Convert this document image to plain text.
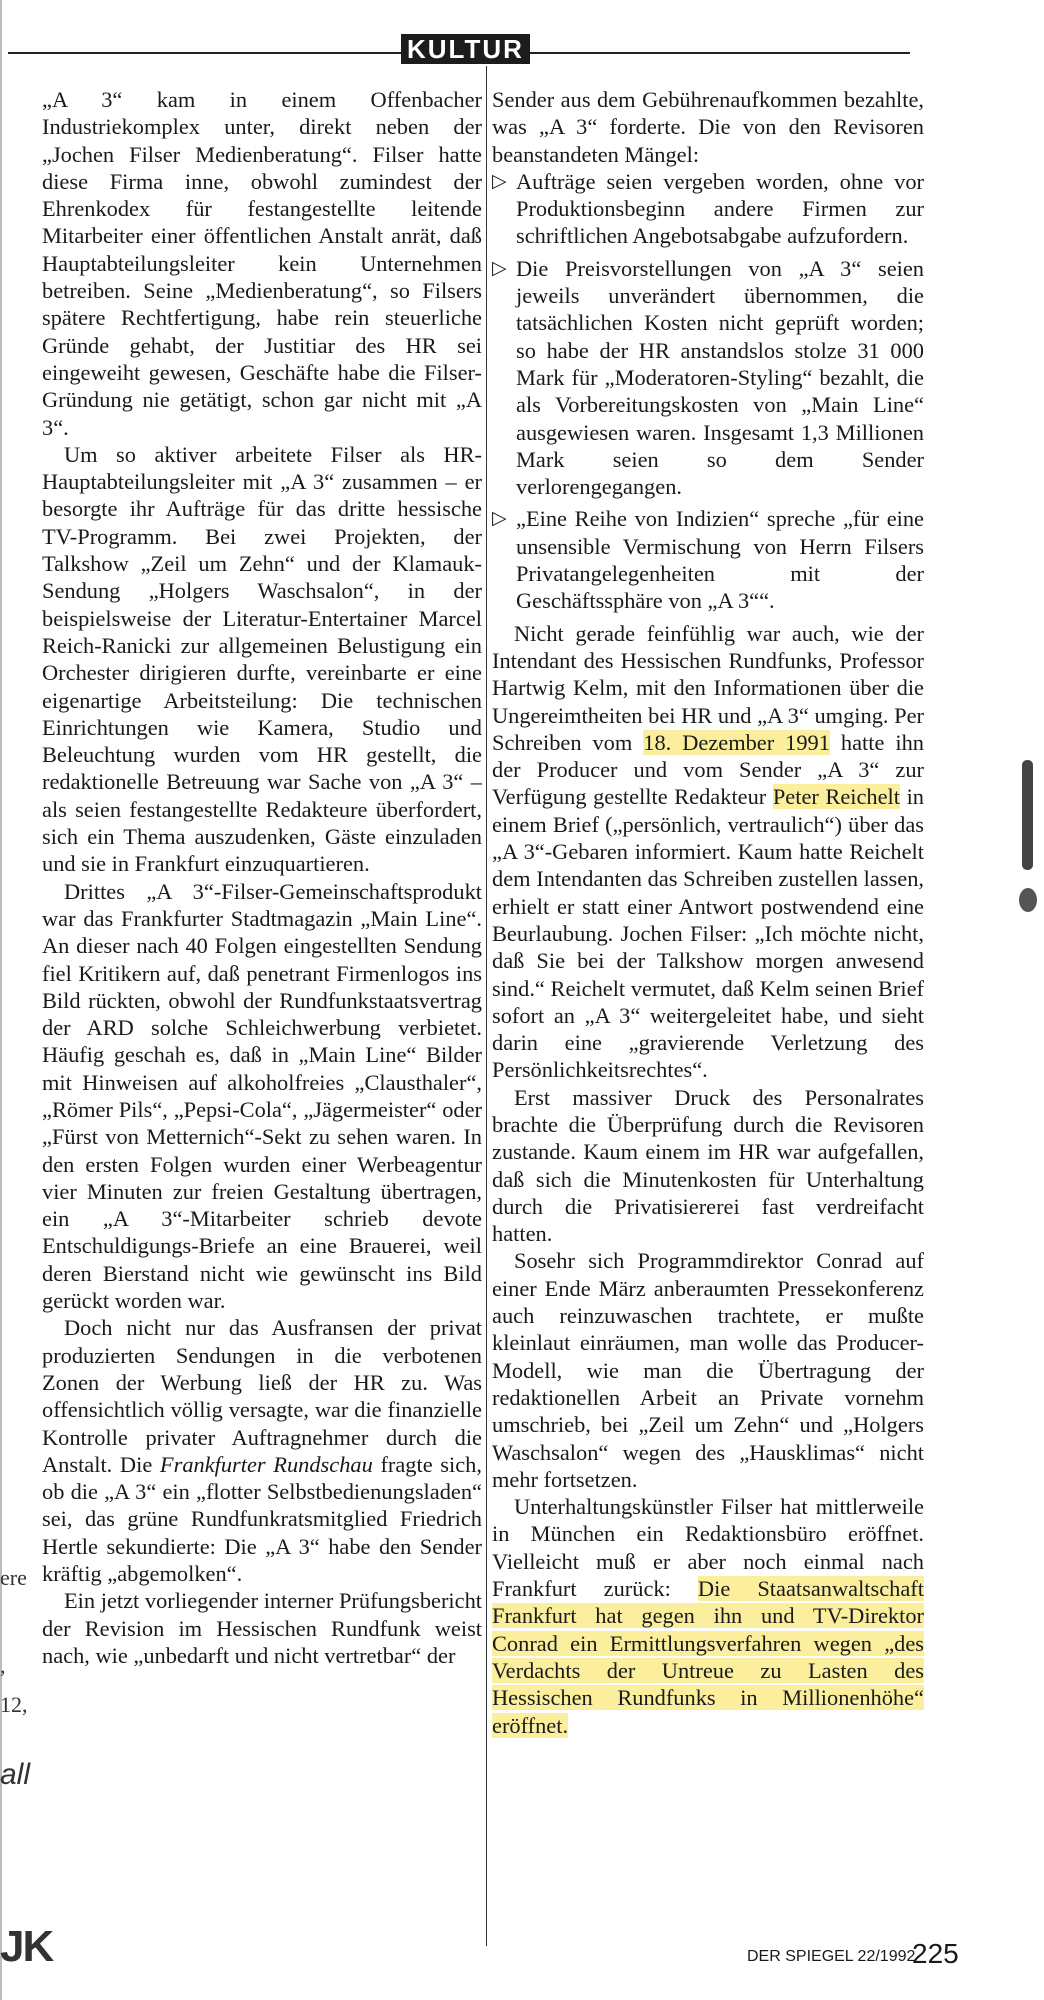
ere
,
12,
all
JK
KULTUR

„A 3“ kam in einem Offenbacher Industriekomplex unter, direkt neben der „Jochen Filser Medienberatung“. Filser hatte diese Firma inne, obwohl zumindest der Ehrenkodex für festangestellte leitende Mitarbeiter einer öffentlichen Anstalt anrät, daß Hauptabteilungsleiter kein Unternehmen betreiben. Seine „Medienberatung“, so Filsers spätere Rechtfertigung, habe rein steuerliche Gründe gehabt, der Justitiar des HR sei eingeweiht gewesen, Geschäfte habe die Filser-Gründung nie getätigt, schon gar nicht mit „A 3“.

Um so aktiver arbeitete Filser als HR-Hauptabteilungsleiter mit „A 3“ zusammen – er besorgte ihr Aufträge für das dritte hessische TV-Programm. Bei zwei Projekten, der Talkshow „Zeil um Zehn“ und der Klamauk-Sendung „Holgers Waschsalon“, in der beispielsweise der Literatur-Entertainer Marcel Reich-Ranicki zur allgemeinen Belustigung ein Orchester dirigieren durfte, vereinbarte er eine eigenartige Arbeitsteilung: Die technischen Einrichtungen wie Kamera, Studio und Beleuchtung wurden vom HR gestellt, die redaktionelle Betreuung war Sache von „A 3“ – als seien festangestellte Redakteure überfordert, sich ein Thema auszudenken, Gäste einzuladen und sie in Frankfurt einzuquartieren.

Drittes „A 3“-Filser-Gemeinschaftsprodukt war das Frankfurter Stadtmagazin „Main Line“. An dieser nach 40 Folgen eingestellten Sendung fiel Kritikern auf, daß penetrant Firmenlogos ins Bild rückten, obwohl der Rundfunkstaatsvertrag der ARD solche Schleichwerbung verbietet. Häufig geschah es, daß in „Main Line“ Bilder mit Hinweisen auf alkoholfreies „Clausthaler“, „Römer Pils“, „Pepsi-Cola“, „Jägermeister“ oder „Fürst von Metternich“-Sekt zu sehen waren. In den ersten Folgen wurden einer Werbeagentur vier Minuten zur freien Gestaltung übertragen, ein „A 3“-Mitarbeiter schrieb devote Entschuldigungs-Briefe an eine Brauerei, weil deren Bierstand nicht wie gewünscht ins Bild gerückt worden war.

Doch nicht nur das Ausfransen der privat produzierten Sendungen in die verbotenen Zonen der Werbung ließ der HR zu. Was offensichtlich völlig versagte, war die finanzielle Kontrolle privater Auftragnehmer durch die Anstalt. Die Frankfurter Rundschau fragte sich, ob die „A 3“ ein „flotter Selbstbedienungsladen“ sei, das grüne Rundfunkratsmitglied Friedrich Hertle sekundierte: Die „A 3“ habe den Sender kräftig „abgemolken“.

Ein jetzt vorliegender interner Prüfungsbericht der Revision im Hessischen Rundfunk weist nach, wie „unbedarft und nicht vertretbar“ der

Sender aus dem Gebührenaufkommen bezahlte, was „A 3“ forderte. Die von den Revisoren beanstandeten Mängel:

▷ Aufträge seien vergeben worden, ohne vor Produktionsbeginn andere Firmen zur schriftlichen Angebotsabgabe aufzufordern.
▷ Die Preisvorstellungen von „A 3“ seien jeweils unverändert übernommen, die tatsächlichen Kosten nicht geprüft worden; so habe der HR anstandslos stolze 31 000 Mark für „Moderatoren-Styling“ bezahlt, die als Vorbereitungskosten von „Main Line“ ausgewiesen waren. Insgesamt 1,3 Millionen Mark seien so dem Sender verlorengegangen.
▷ „Eine Reihe von Indizien“ spreche „für eine unsensible Vermischung von Herrn Filsers Privatangelegenheiten mit der Geschäftssphäre von „A 3““.

Nicht gerade feinfühlig war auch, wie der Intendant des Hessischen Rundfunks, Professor Hartwig Kelm, mit den Informationen über die Ungereimtheiten bei HR und „A 3“ umging. Per Schreiben vom 18. Dezember 1991 hatte ihn der Producer und vom Sender „A 3“ zur Verfügung gestellte Redakteur Peter Reichelt in einem Brief („persönlich, vertraulich“) über das „A 3“-Gebaren informiert. Kaum hatte Reichelt dem Intendanten das Schreiben zustellen lassen, erhielt er statt einer Antwort postwendend eine Beurlaubung. Jochen Filser: „Ich möchte nicht, daß Sie bei der Talkshow morgen anwesend sind.“ Reichelt vermutet, daß Kelm seinen Brief sofort an „A 3“ weitergeleitet habe, und sieht darin eine „gravierende Verletzung des Persönlichkeitsrechtes“.

Erst massiver Druck des Personalrates brachte die Überprüfung durch die Revisoren zustande. Kaum einem im HR war aufgefallen, daß sich die Minutenkosten für Unterhaltung durch die Privatisiererei fast verdreifacht hatten.

Sosehr sich Programmdirektor Conrad auf einer Ende März anberaumten Pressekonferenz auch reinzuwaschen trachtete, er mußte kleinlaut einräumen, man wolle das Producer-Modell, wie man die Übertragung der redaktionellen Arbeit an Private vornehm umschrieb, bei „Zeil um Zehn“ und „Holgers Waschsalon“ wegen des „Hausklimas“ nicht mehr fortsetzen.

Unterhaltungskünstler Filser hat mittlerweile in München ein Redaktionsbüro eröffnet. Vielleicht muß er aber noch einmal nach Frankfurt zurück: Die Staatsanwaltschaft Frankfurt hat gegen ihn und TV-Direktor Conrad ein Ermittlungsverfahren wegen „des Verdachts der Untreue zu Lasten des Hessischen Rundfunks in Millionenhöhe“ eröffnet.

DER SPIEGEL 22/1992
225
